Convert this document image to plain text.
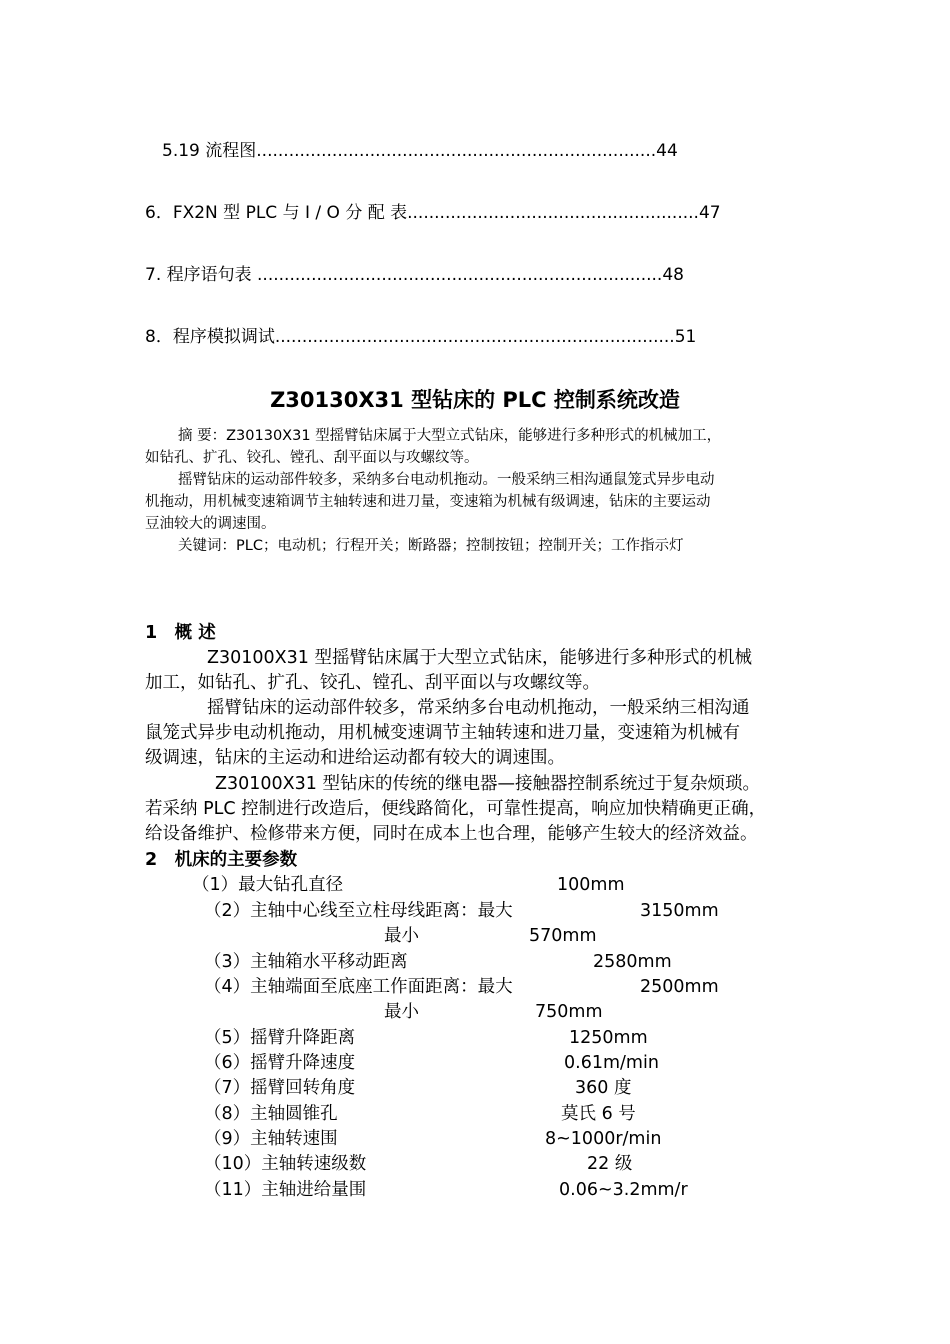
5.19 流程图..........................................................................44
6．FX2N 型 PLC 与 I / O 分 配 表......................................................47
7. 程序语句表 ...........................................................................48
8．程序模拟调试..........................................................................51
Z30130X31 型钻床的 PLC 控制系统改造
摘 要：Z30130X31 型摇臂钻床属于大型立式钻床，能够进行多种形式的机械加工，
如钻孔、扩孔、铰孔、镗孔、刮平面以与攻螺纹等。
摇臂钻床的运动部件较多，采纳多台电动机拖动。一般采纳三相沟通鼠笼式异步电动
机拖动，用机械变速箱调节主轴转速和进刀量，变速箱为机械有级调速，钻床的主要运动
豆油较大的调速围。
关键词：PLC；电动机；行程开关；断路器；控制按钮；控制开关；工作指示灯
1　概 述
Z30100X31 型摇臂钻床属于大型立式钻床，能够进行多种形式的机械
加工，如钻孔、扩孔、铰孔、镗孔、刮平面以与攻螺纹等。
摇臂钻床的运动部件较多，常采纳多台电动机拖动，一般采纳三相沟通
鼠笼式异步电动机拖动，用机械变速调节主轴转速和进刀量，变速箱为机械有
级调速，钻床的主运动和进给运动都有较大的调速围。
Z30100X31 型钻床的传统的继电器—接触器控制系统过于复杂烦琐。
若采纳 PLC 控制进行改造后，便线路简化，可靠性提高，响应加快精确更正确，
给设备维护、检修带来方便，同时在成本上也合理，能够产生较大的经济效益。
2　机床的主要参数
（1）最大钻孔直径	100mm
（2）主轴中心线至立柱母线距离：最大	3150mm
最小	570mm
（3）主轴箱水平移动距离	2580mm
（4）主轴端面至底座工作面距离：最大	2500mm
最小	750mm
（5）摇臂升降距离	1250mm
（6）摇臂升降速度	0.61m/min
（7）摇臂回转角度	360 度
（8）主轴圆锥孔	莫氏 6 号
（9）主轴转速围	8~1000r/min
（10）主轴转速级数	22 级
（11）主轴进给量围	0.06~3.2mm/r
